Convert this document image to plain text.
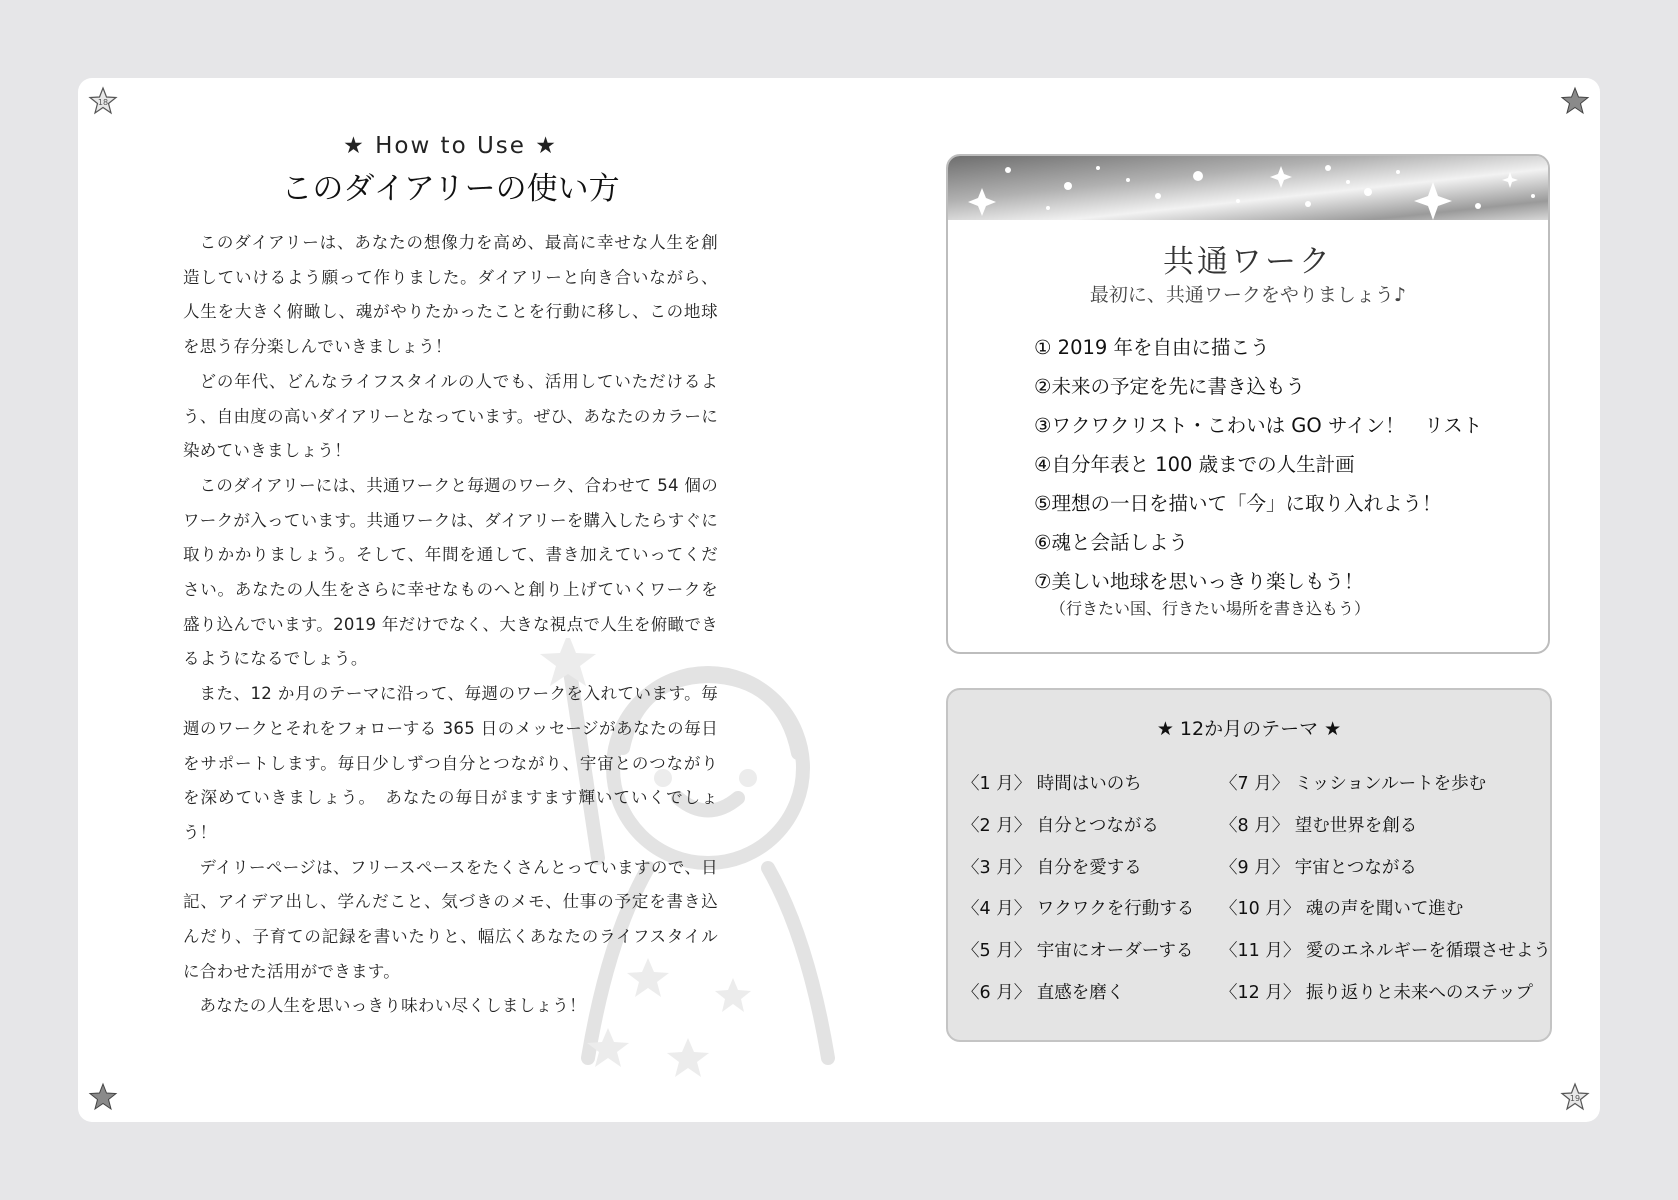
18
19

★ How to Use ★

このダイアリーの使い方

このダイアリーは、あなたの想像力を高め、最高に幸せな人生を創造していけるよう願って作りました。ダイアリーと向き合いながら、人生を大きく俯瞰し、魂がやりたかったことを行動に移し、この地球を思う存分楽しんでいきましょう！

どの年代、どんなライフスタイルの人でも、活用していただけるよう、自由度の高いダイアリーとなっています。ぜひ、あなたのカラーに染めていきましょう！

このダイアリーには、共通ワークと毎週のワーク、合わせて 54 個のワークが入っています。共通ワークは、ダイアリーを購入したらすぐに取りかかりましょう。そして、年間を通して、書き加えていってください。あなたの人生をさらに幸せなものへと創り上げていくワークを盛り込んでいます。2019 年だけでなく、大きな視点で人生を俯瞰できるようになるでしょう。

また、12 か月のテーマに沿って、毎週のワークを入れています。毎週のワークとそれをフォローする 365 日のメッセージがあなたの毎日をサポートします。毎日少しずつ自分とつながり、宇宙とのつながりを深めていきましょう。　あなたの毎日がますます輝いていくでしょう！

デイリーページは、フリースペースをたくさんとっていますので、日記、アイデア出し、学んだこと、気づきのメモ、仕事の予定を書き込んだり、子育ての記録を書いたりと、幅広くあなたのライフスタイルに合わせた活用ができます。

あなたの人生を思いっきり味わい尽くしましょう！

共通ワーク
最初に、共通ワークをやりましょう♪
① 2019 年を自由に描こう
②未来の予定を先に書き込もう
③ワクワクリスト・こわいは GO サイン！　リスト
④自分年表と 100 歳までの人生計画
⑤理想の一日を描いて「今」に取り入れよう！
⑥魂と会話しよう
⑦美しい地球を思いっきり楽しもう！
（行きたい国、行きたい場所を書き込もう）
★ 12か月のテーマ ★
〈1 月〉 時間はいのち
〈2 月〉 自分とつながる
〈3 月〉 自分を愛する
〈4 月〉 ワクワクを行動する
〈5 月〉 宇宙にオーダーする
〈6 月〉 直感を磨く
〈7 月〉 ミッションルートを歩む
〈8 月〉 望む世界を創る
〈9 月〉 宇宙とつながる
〈10 月〉 魂の声を聞いて進む
〈11 月〉 愛のエネルギーを循環させよう
〈12 月〉 振り返りと未来へのステップ
